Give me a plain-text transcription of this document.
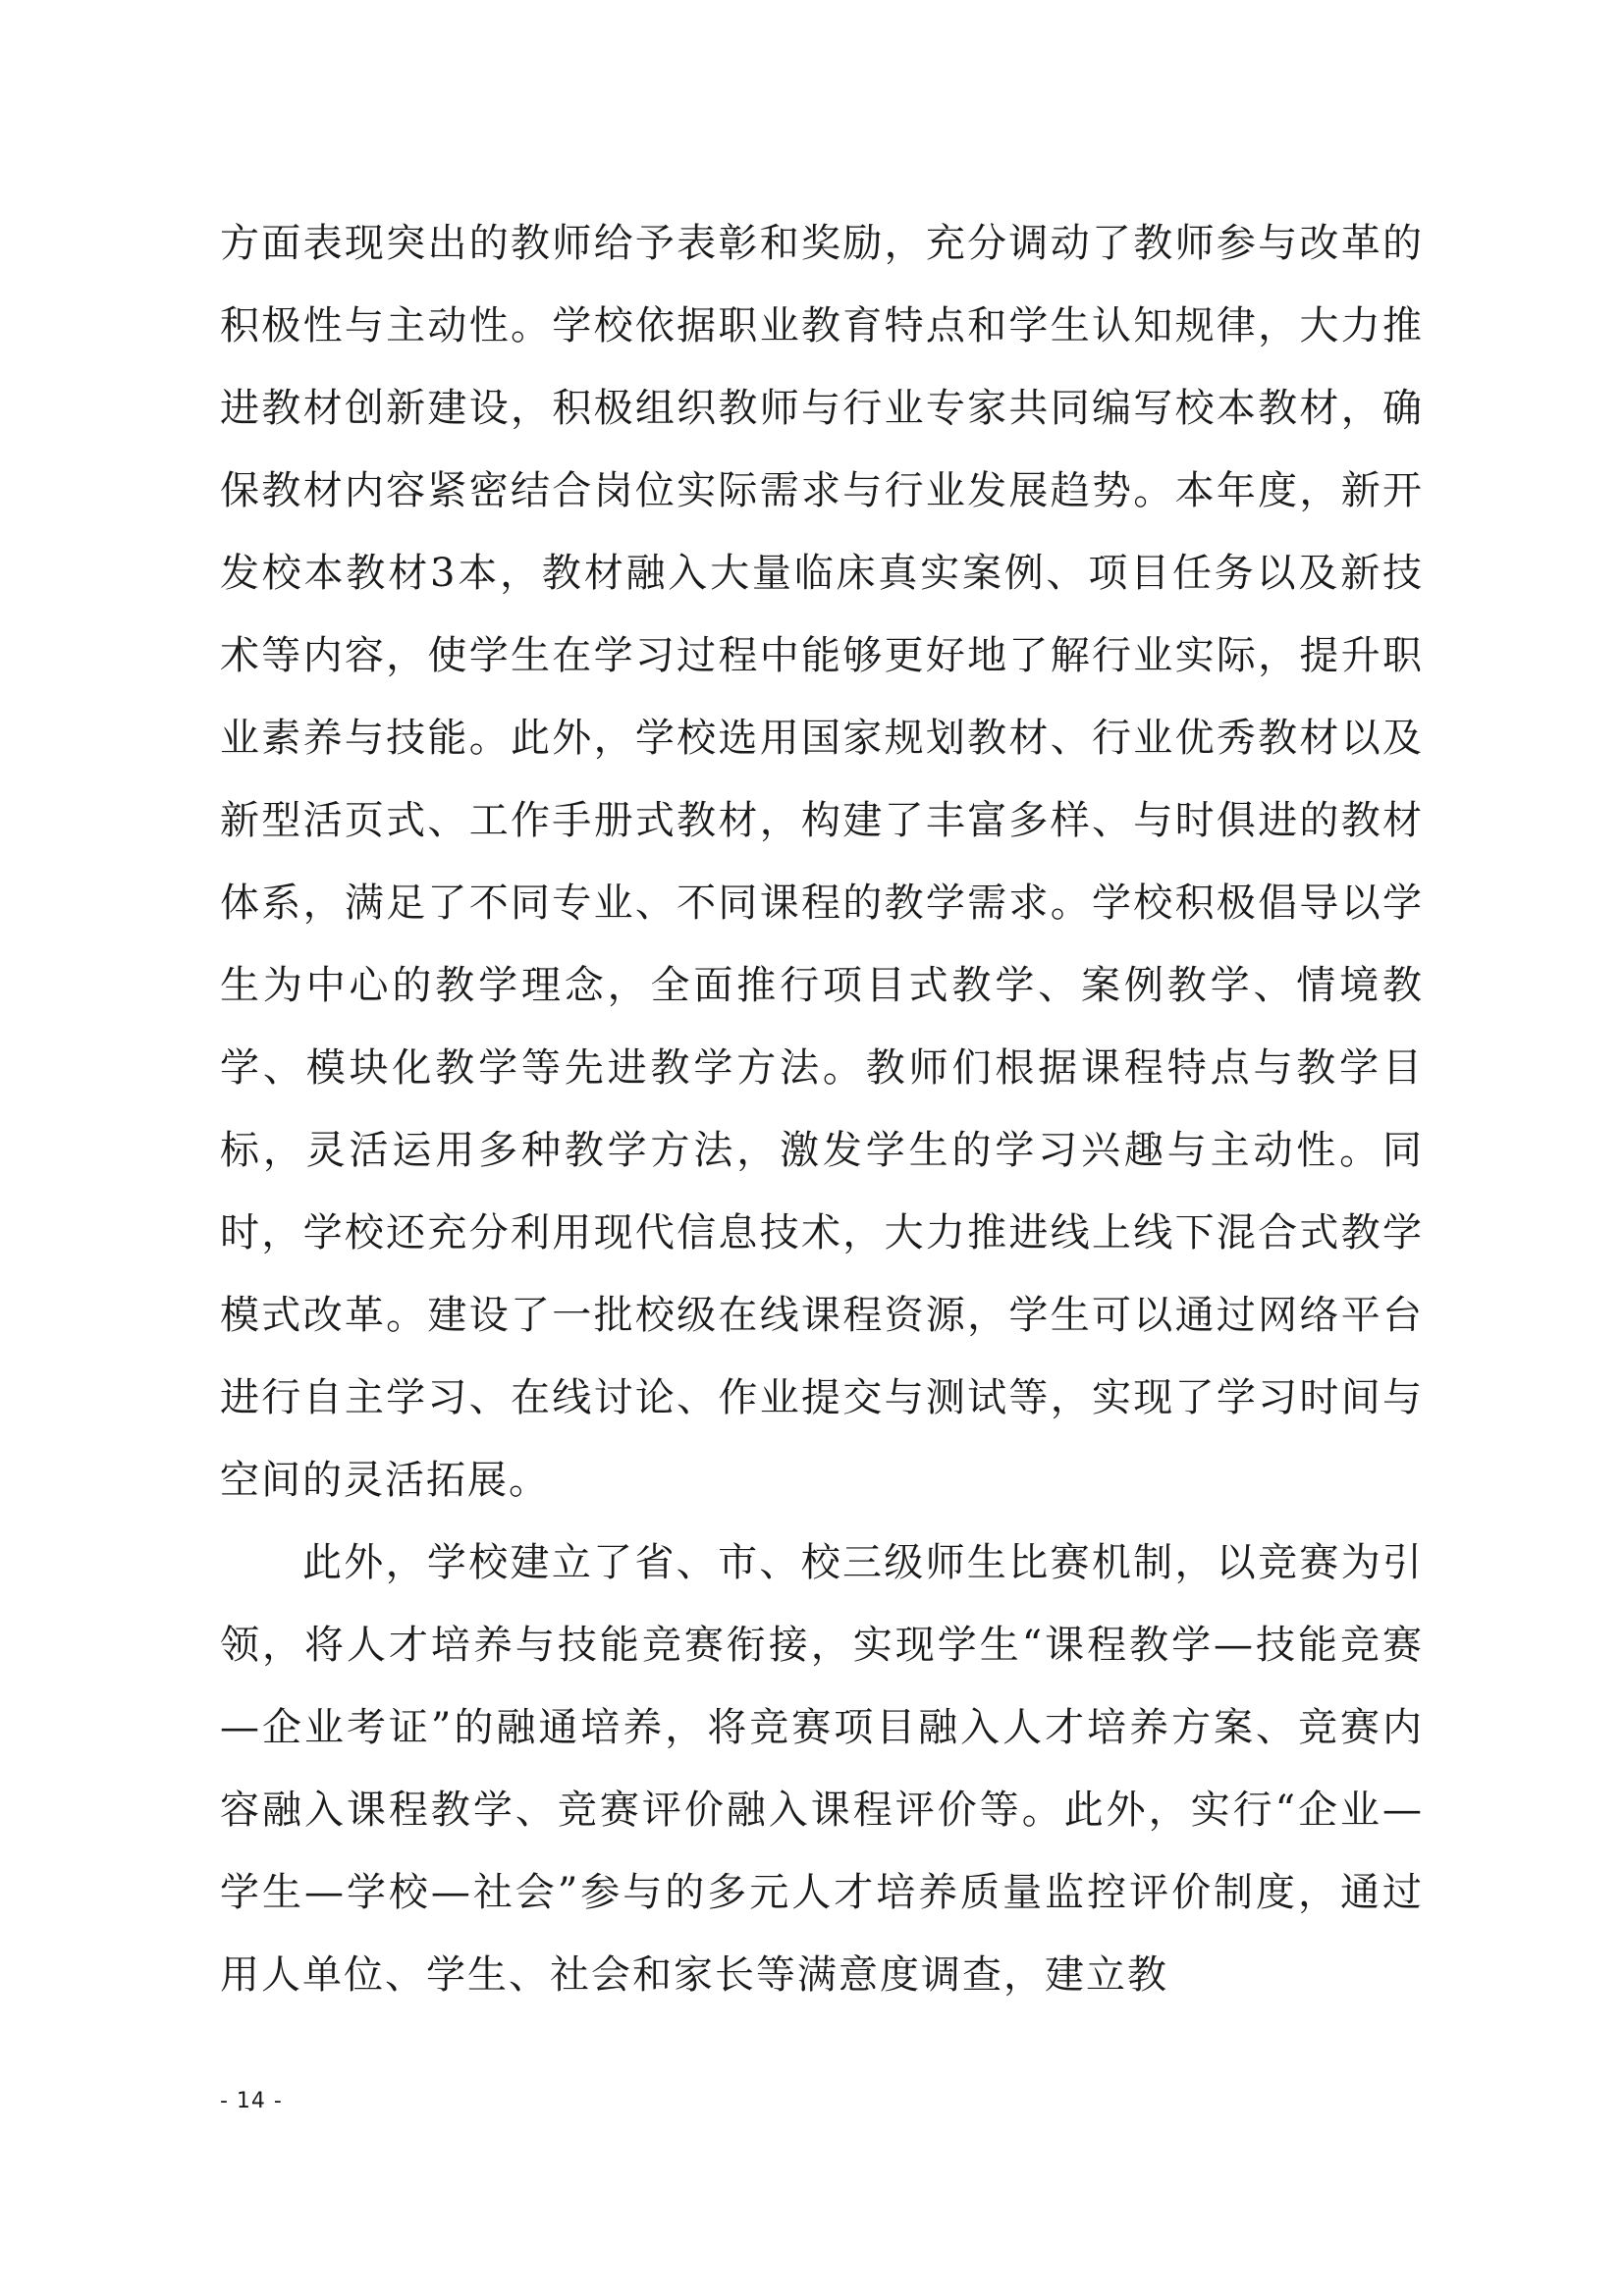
方面表现突出的教师给予表彰和奖励，充分调动了教师参与改革的积极性与主动性。学校依据职业教育特点和学生认知规律，大力推进教材创新建设，积极组织教师与行业专家共同编写校本教材，确保教材内容紧密结合岗位实际需求与行业发展趋势。本年度，新开发校本教材3本，教材融入大量临床真实案例、项目任务以及新技术等内容，使学生在学习过程中能够更好地了解行业实际，提升职业素养与技能。此外，学校选用国家规划教材、行业优秀教材以及新型活页式、工作手册式教材，构建了丰富多样、与时俱进的教材体系，满足了不同专业、不同课程的教学需求。学校积极倡导以学生为中心的教学理念，全面推行项目式教学、案例教学、情境教学、模块化教学等先进教学方法。教师们根据课程特点与教学目标，灵活运用多种教学方法，激发学生的学习兴趣与主动性。同时，学校还充分利用现代信息技术，大力推进线上线下混合式教学模式改革。建设了一批校级在线课程资源，学生可以通过网络平台进行自主学习、在线讨论、作业提交与测试等，实现了学习时间与空间的灵活拓展。

此外，学校建立了省、市、校三级师生比赛机制，以竞赛为引领，将人才培养与技能竞赛衔接，实现学生“课程教学—技能竞赛—企业考证”的融通培养，将竞赛项目融入人才培养方案、竞赛内容融入课程教学、竞赛评价融入课程评价等。此外，实行“企业—学生—学校—社会”参与的多元人才培养质量监控评价制度，通过用人单位、学生、社会和家长等满意度调查，建立教

- 14 -
